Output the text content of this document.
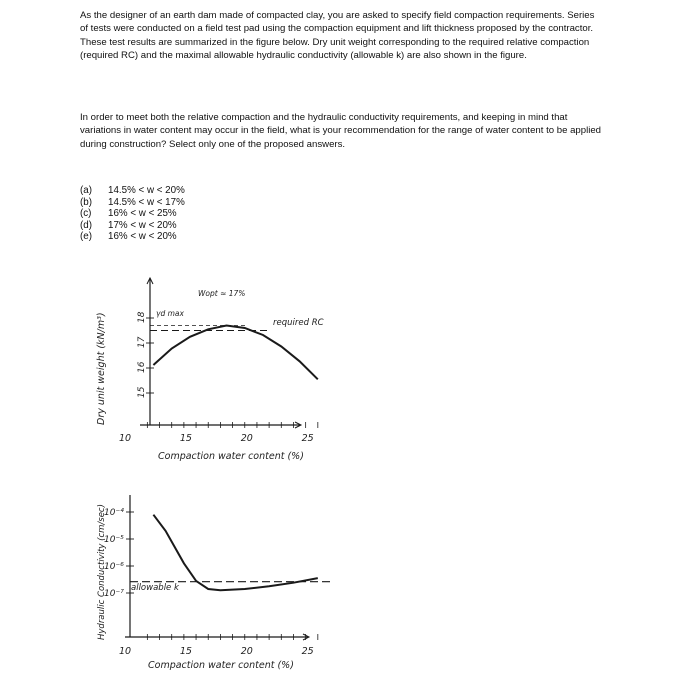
As the designer of an earth dam made of compacted clay, you are asked to specify field compaction requirements. Series of tests were conducted on a field test pad using the compaction equipment and lift thickness proposed by the contractor. These test results are summarized in the figure below. Dry unit weight corresponding to the required relative compaction (required RC) and the maximal allowable hydraulic conductivity (allowable k) are also shown in the figure.

In order to meet both the relative compaction and the hydraulic conductivity requirements, and keeping in mind that variations in water content may occur in the field, what is your recommendation for the range of water content to be applied during construction? Select only one of the proposed answers.

(a)	14.5% < w < 20%
(b)	14.5% < w < 17%
(c)	16% < w < 25%
(d)	17% < w < 20%
(e)	16% < w < 20%
Dry unit weight (kN/m³)
Compaction water content (%)
Wopt ≈ 17%
γd max
required RC
10	15	20	25
18
17
16
15
Hydraulic Conductivity (cm/sec)
Compaction water content (%)
allowable k
10	15	20	25
10⁻⁴
10⁻⁵
10⁻⁶
10⁻⁷
